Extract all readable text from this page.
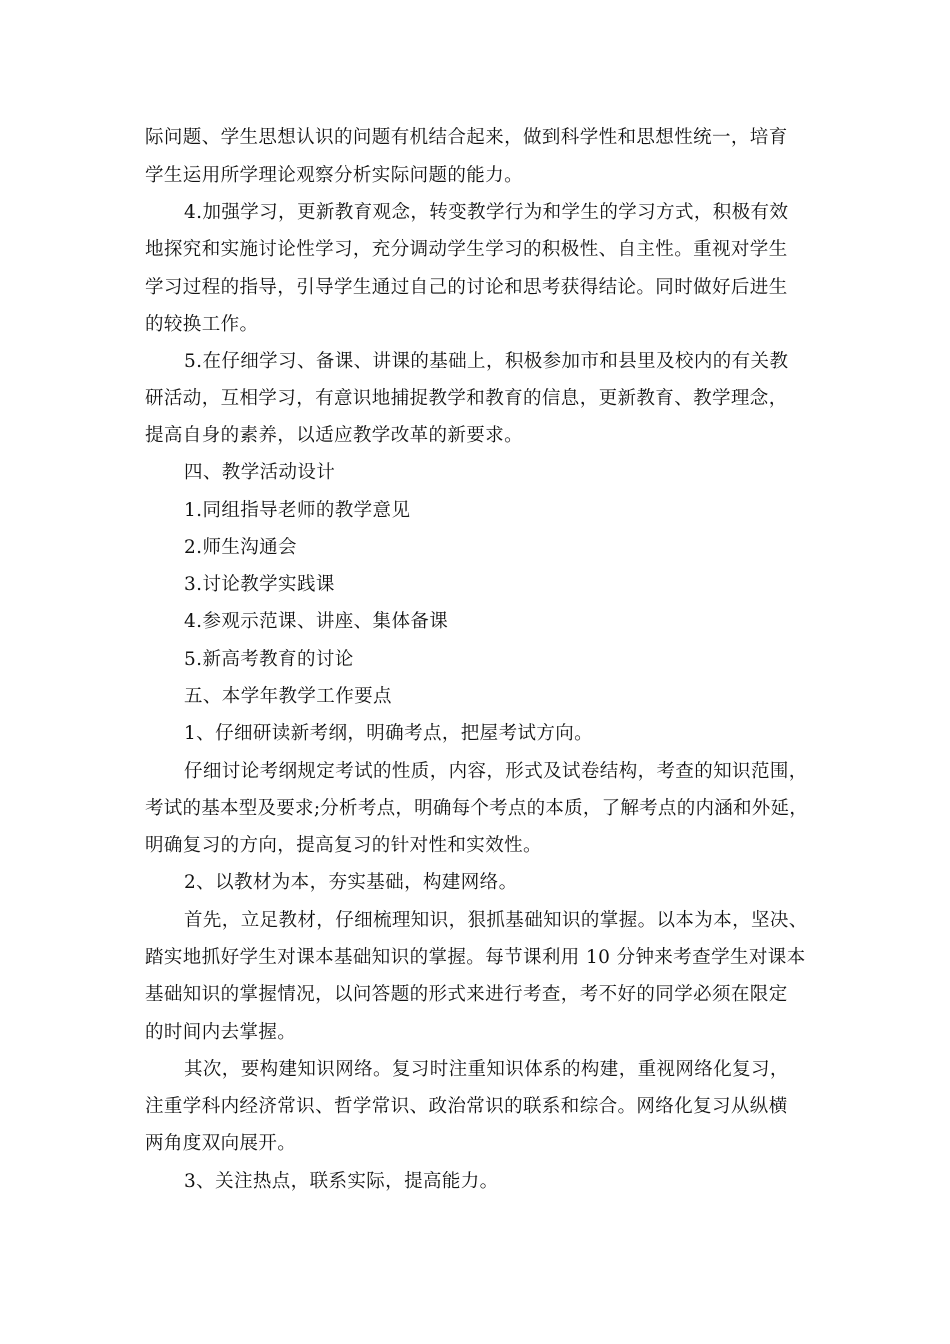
际问题、学生思想认识的问题有机结合起来，做到科学性和思想性统一，培育
学生运用所学理论观察分析实际问题的能力。
4.加强学习，更新教育观念，转变教学行为和学生的学习方式，积极有效
地探究和实施讨论性学习，充分调动学生学习的积极性、自主性。重视对学生
学习过程的指导，引导学生通过自己的讨论和思考获得结论。同时做好后进生
的较换工作。
5.在仔细学习、备课、讲课的基础上，积极参加市和县里及校内的有关教
研活动，互相学习，有意识地捕捉教学和教育的信息，更新教育、教学理念，
提高自身的素养，以适应教学改革的新要求。
四、教学活动设计
1.同组指导老师的教学意见
2.师生沟通会
3.讨论教学实践课
4.参观示范课、讲座、集体备课
5.新高考教育的讨论
五、本学年教学工作要点
1、仔细研读新考纲，明确考点，把屋考试方向。
仔细讨论考纲规定考试的性质，内容，形式及试卷结构，考查的知识范围，
考试的基本型及要求;分析考点，明确每个考点的本质，了解考点的内涵和外延，
明确复习的方向，提高复习的针对性和实效性。
2、以教材为本，夯实基础，构建网络。
首先，立足教材，仔细梳理知识，狠抓基础知识的掌握。以本为本，坚决、
踏实地抓好学生对课本基础知识的掌握。每节课利用 10 分钟来考查学生对课本
基础知识的掌握情况，以问答题的形式来进行考查，考不好的同学必须在限定
的时间内去掌握。
其次，要构建知识网络。复习时注重知识体系的构建，重视网络化复习，
注重学科内经济常识、哲学常识、政治常识的联系和综合。网络化复习从纵横
两角度双向展开。
3、关注热点，联系实际，提高能力。
